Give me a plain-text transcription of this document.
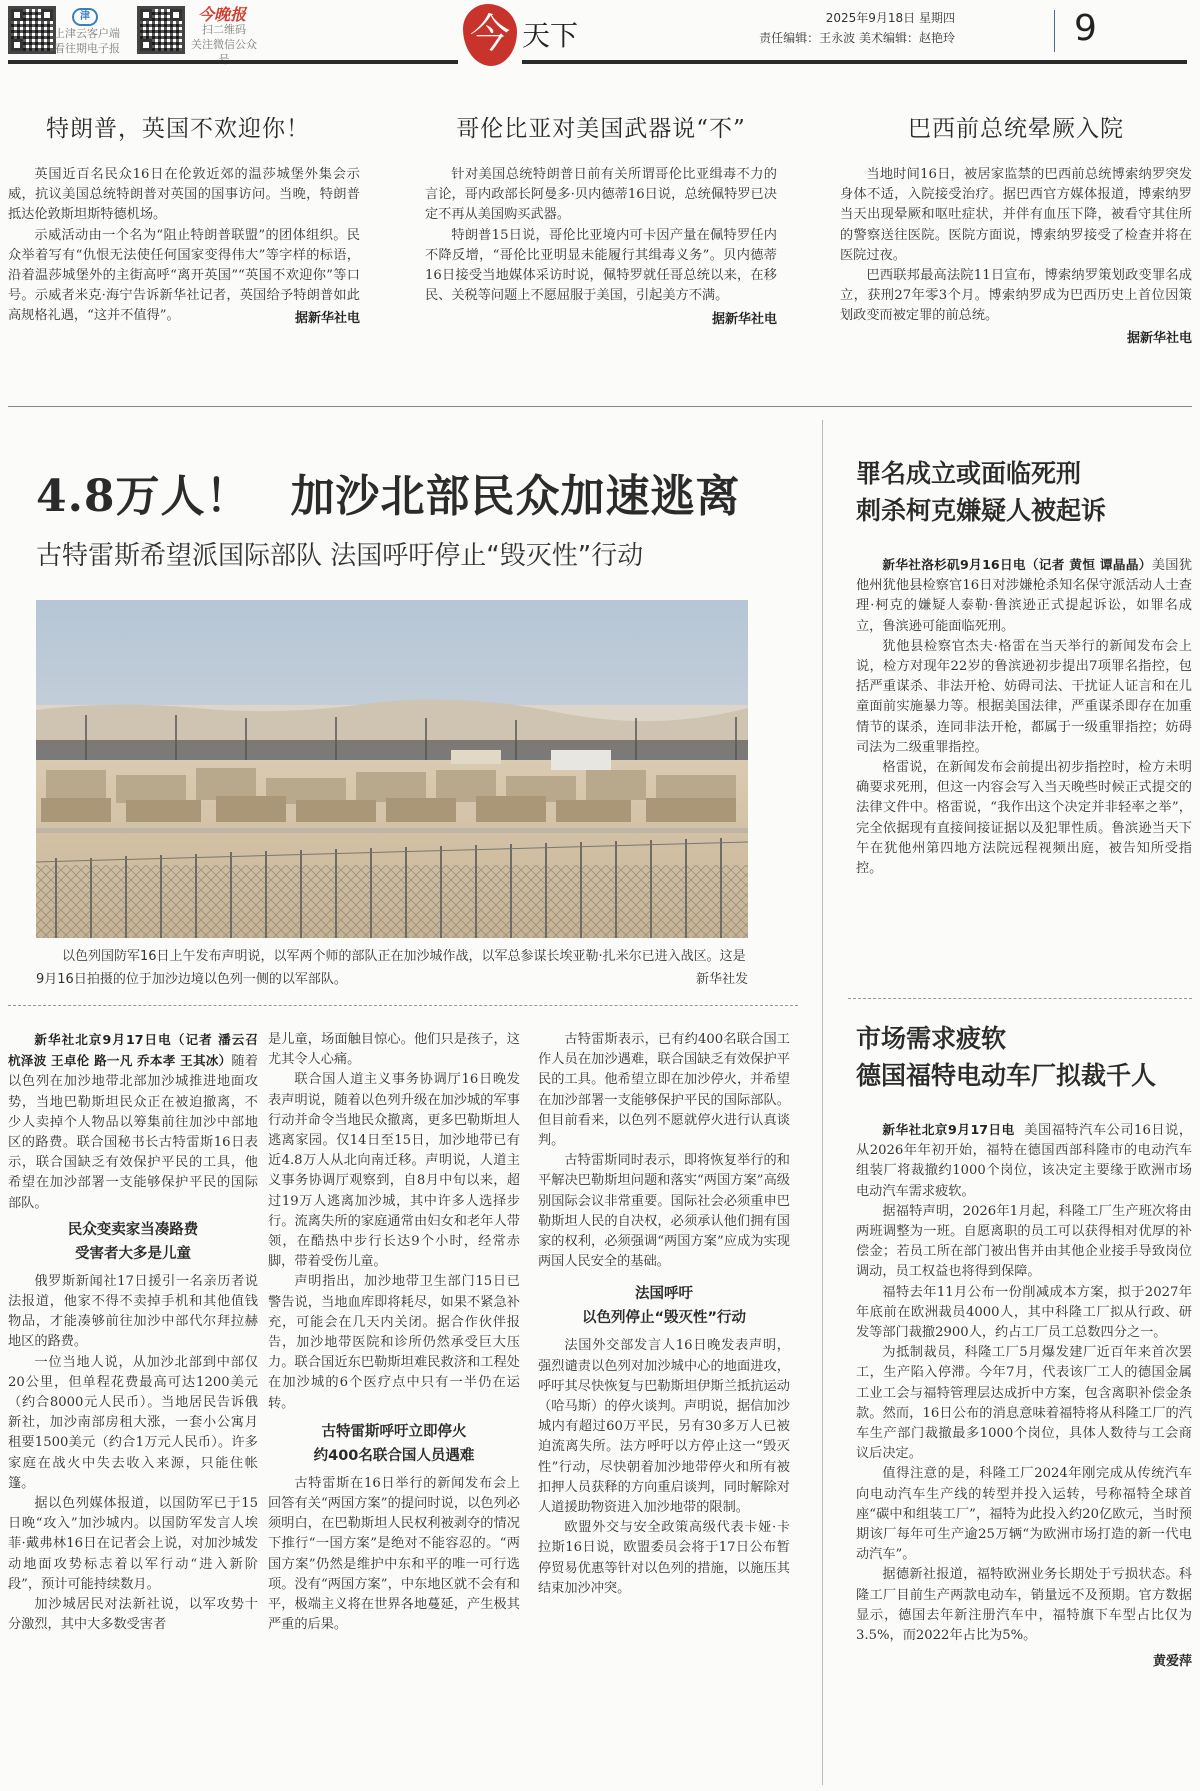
津
上津云客户端
看往期电子报
今晚报
扫二维码
关注微信公众	今 天下
2025年9月18日 星期四
责任编辑：王永波 美术编辑：赵艳玲	9
特朗普，英国不欢迎你！

英国近百名民众16日在伦敦近郊的温莎城堡外集会示威，抗议美国总统特朗普对英国的国事访问。当晚，特朗普抵达伦敦斯坦斯特德机场。

示威活动由一个名为“阻止特朗普联盟”的团体组织。民众举着写有“仇恨无法使任何国家变得伟大”等字样的标语，沿着温莎城堡外的主街高呼“离开英国”“英国不欢迎你”等口号。示威者米克·海宁告诉新华社记者，英国给予特朗普如此高规格礼遇，“这并不值得”。	据新华社电
哥伦比亚对美国武器说“不”

针对美国总统特朗普日前有关所谓哥伦比亚缉毒不力的言论，哥内政部长阿曼多·贝内德蒂16日说，总统佩特罗已决定不再从美国购买武器。

特朗普15日说，哥伦比亚境内可卡因产量在佩特罗任内不降反增，“哥伦比亚明显未能履行其缉毒义务”。贝内德蒂16日接受当地媒体采访时说，佩特罗就任哥总统以来，在移民、关税等问题上不愿屈服于美国，引起美方不满。

据新华社电
巴西前总统晕厥入院

当地时间16日，被居家监禁的巴西前总统博索纳罗突发身体不适，入院接受治疗。据巴西官方媒体报道，博索纳罗当天出现晕厥和呕吐症状，并伴有血压下降，被看守其住所的警察送往医院。医院方面说，博索纳罗接受了检查并将在医院过夜。

巴西联邦最高法院11日宣布，博索纳罗策划政变罪名成立，获刑27年零3个月。博索纳罗成为巴西历史上首位因策划政变而被定罪的前总统。

据新华社电
4.8万人！ 加沙北部民众加速逃离
古特雷斯希望派国际部队 法国呼吁停止“毁灭性”行动
以色列国防军16日上午发布声明说，以军两个师的部队正在加沙城作战，以军总参谋长埃亚勒·扎米尔已进入战区。这是9月16日拍摄的位于加沙边境以色列一侧的以军部队。	新华社发

新华社北京9月17日电（记者 潘云召 杭泽波 王卓伦 路一凡 乔本孝 王其冰）随着以色列在加沙地带北部加沙城推进地面攻势，当地巴勒斯坦民众正在被迫撤离，不少人卖掉个人物品以筹集前往加沙中部地区的路费。联合国秘书长古特雷斯16日表示，联合国缺乏有效保护平民的工具，他希望在加沙部署一支能够保护平民的国际部队。

民众变卖家当凑路费
受害者大多是儿童

俄罗斯新闻社17日援引一名亲历者说法报道，他家不得不卖掉手机和其他值钱物品，才能凑够前往加沙中部代尔拜拉赫地区的路费。

一位当地人说，从加沙北部到中部仅20公里，但单程花费最高可达1200美元（约合8000元人民币）。当地居民告诉俄新社，加沙南部房租大涨，一套小公寓月租要1500美元（约合1万元人民币）。许多家庭在战火中失去收入来源，只能住帐篷。

据以色列媒体报道，以国防军已于15日晚“攻入”加沙城内。以国防军发言人埃菲·戴弗林16日在记者会上说，对加沙城发动地面攻势标志着以军行动“进入新阶段”，预计可能持续数月。

加沙城居民对法新社说，以军攻势十分激烈，其中大多数受害者

是儿童，场面触目惊心。他们只是孩子，这尤其令人心痛。

联合国人道主义事务协调厅16日晚发表声明说，随着以色列升级在加沙城的军事行动并命令当地民众撤离，更多巴勒斯坦人逃离家园。仅14日至15日，加沙地带已有近4.8万人从北向南迁移。声明说，人道主义事务协调厅观察到，自8月中旬以来，超过19万人逃离加沙城，其中许多人选择步行。流离失所的家庭通常由妇女和老年人带领，在酷热中步行长达9个小时，经常赤脚，带着受伤儿童。

声明指出，加沙地带卫生部门15日已警告说，当地血库即将耗尽，如果不紧急补充，可能会在几天内关闭。据合作伙伴报告，加沙地带医院和诊所仍然承受巨大压力。联合国近东巴勒斯坦难民救济和工程处在加沙城的6个医疗点中只有一半仍在运转。

古特雷斯呼吁立即停火
约400名联合国人员遇难

古特雷斯在16日举行的新闻发布会上回答有关“两国方案”的提问时说，以色列必须明白，在巴勒斯坦人民权利被剥夺的情况下推行“一国方案”是绝对不能容忍的。“两国方案”仍然是维护中东和平的唯一可行选项。没有“两国方案”，中东地区就不会有和平，极端主义将在世界各地蔓延，产生极其严重的后果。

古特雷斯表示，已有约400名联合国工作人员在加沙遇难，联合国缺乏有效保护平民的工具。他希望立即在加沙停火，并希望在加沙部署一支能够保护平民的国际部队。但目前看来，以色列不愿就停火进行认真谈判。

古特雷斯同时表示，即将恢复举行的和平解决巴勒斯坦问题和落实“两国方案”高级别国际会议非常重要。国际社会必须重申巴勒斯坦人民的自决权，必须承认他们拥有国家的权利，必须强调“两国方案”应成为实现两国人民安全的基础。

法国呼吁
以色列停止“毁灭性”行动

法国外交部发言人16日晚发表声明，强烈谴责以色列对加沙城中心的地面进攻，呼吁其尽快恢复与巴勒斯坦伊斯兰抵抗运动（哈马斯）的停火谈判。声明说，据信加沙城内有超过60万平民，另有30多万人已被迫流离失所。法方呼吁以方停止这一“毁灭性”行动，尽快朝着加沙地带停火和所有被扣押人员获释的方向重启谈判，同时解除对人道援助物资进入加沙地带的限制。

欧盟外交与安全政策高级代表卡娅·卡拉斯16日说，欧盟委员会将于17日公布暂停贸易优惠等针对以色列的措施，以施压其结束加沙冲突。

罪名成立或面临死刑
刺杀柯克嫌疑人被起诉

新华社洛杉矶9月16日电（记者 黄恒 谭晶晶）美国犹他州犹他县检察官16日对涉嫌枪杀知名保守派活动人士查理·柯克的嫌疑人泰勒·鲁滨逊正式提起诉讼，如罪名成立，鲁滨逊可能面临死刑。

犹他县检察官杰夫·格雷在当天举行的新闻发布会上说，检方对现年22岁的鲁滨逊初步提出7项罪名指控，包括严重谋杀、非法开枪、妨碍司法、干扰证人证言和在儿童面前实施暴力等。根据美国法律，严重谋杀即存在加重情节的谋杀，连同非法开枪，都属于一级重罪指控；妨碍司法为二级重罪指控。

格雷说，在新闻发布会前提出初步指控时，检方未明确要求死刑，但这一内容会写入当天晚些时候正式提交的法律文件中。格雷说，“我作出这个决定并非轻率之举”，完全依据现有直接间接证据以及犯罪性质。鲁滨逊当天下午在犹他州第四地方法院远程视频出庭，被告知所受指控。

市场需求疲软
德国福特电动车厂拟裁千人

新华社北京9月17日电 美国福特汽车公司16日说，从2026年年初开始，福特在德国西部科隆市的电动汽车组装厂将裁撤约1000个岗位，该决定主要缘于欧洲市场电动汽车需求疲软。

据福特声明，2026年1月起，科隆工厂生产班次将由两班调整为一班。自愿离职的员工可以获得相对优厚的补偿金；若员工所在部门被出售并由其他企业接手导致岗位调动，员工权益也将得到保障。

福特去年11月公布一份削减成本方案，拟于2027年年底前在欧洲裁员4000人，其中科隆工厂拟从行政、研发等部门裁撤2900人，约占工厂员工总数四分之一。

为抵制裁员，科隆工厂5月爆发建厂近百年来首次罢工，生产陷入停滞。今年7月，代表该厂工人的德国金属工业工会与福特管理层达成折中方案，包含离职补偿金条款。然而，16日公布的消息意味着福特将从科隆工厂的汽车生产部门裁撤最多1000个岗位，具体人数待与工会商议后决定。

值得注意的是，科隆工厂2024年刚完成从传统汽车向电动汽车生产线的转型并投入运转，号称福特全球首座“碳中和组装工厂”，福特为此投入约20亿欧元，当时预期该厂每年可生产逾25万辆“为欧洲市场打造的新一代电动汽车”。

据德新社报道，福特欧洲业务长期处于亏损状态。科隆工厂目前生产两款电动车，销量远不及预期。官方数据显示，德国去年新注册汽车中，福特旗下车型占比仅为3.5%，而2022年占比为5%。

黄爱萍
